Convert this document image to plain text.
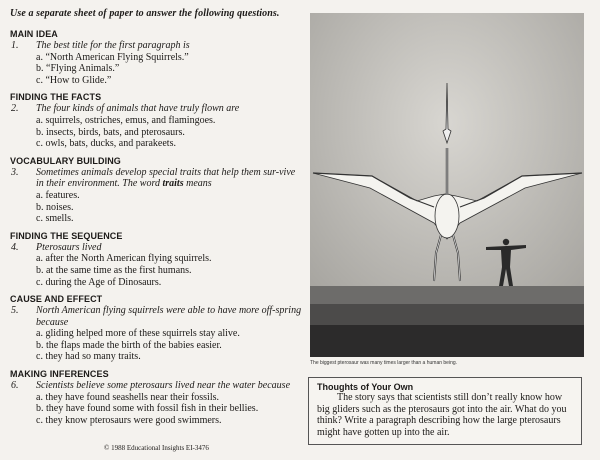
Use a separate sheet of paper to answer the following questions.
MAIN IDEA
1. The best title for the first paragraph is
a. “North American Flying Squirrels.”
b. “Flying Animals.”
c. “How to Glide.”
FINDING THE FACTS
2. The four kinds of animals that have truly flown are
a. squirrels, ostriches, emus, and flamingoes.
b. insects, birds, bats, and pterosaurs.
c. owls, bats, ducks, and parakeets.
VOCABULARY BUILDING
3. Sometimes animals develop special traits that help them sur-vive in their environment. The word traits means
a. features.
b. noises.
c. smells.
FINDING THE SEQUENCE
4. Pterosaurs lived
a. after the North American flying squirrels.
b. at the same time as the first humans.
c. during the Age of Dinosaurs.
CAUSE AND EFFECT
5. North American flying squirrels were able to have more off-spring because
a. gliding helped more of these squirrels stay alive.
b. the flaps made the birth of the babies easier.
c. they had so many traits.
MAKING INFERENCES
6. Scientists believe some pterosaurs lived near the water because
a. they have found seashells near their fossils.
b. they have found some with fossil fish in their bellies.
c. they know pterosaurs were good swimmers.
© 1988 Educational Insights EI-3476
The biggest pterosaur was many times larger than a human being.
Thoughts of Your Own

The story says that scientists still don’t really know how big gliders such as the pterosaurs got into the air. What do you think? Write a paragraph describing how the large pterosaurs might have gotten up into the air.
